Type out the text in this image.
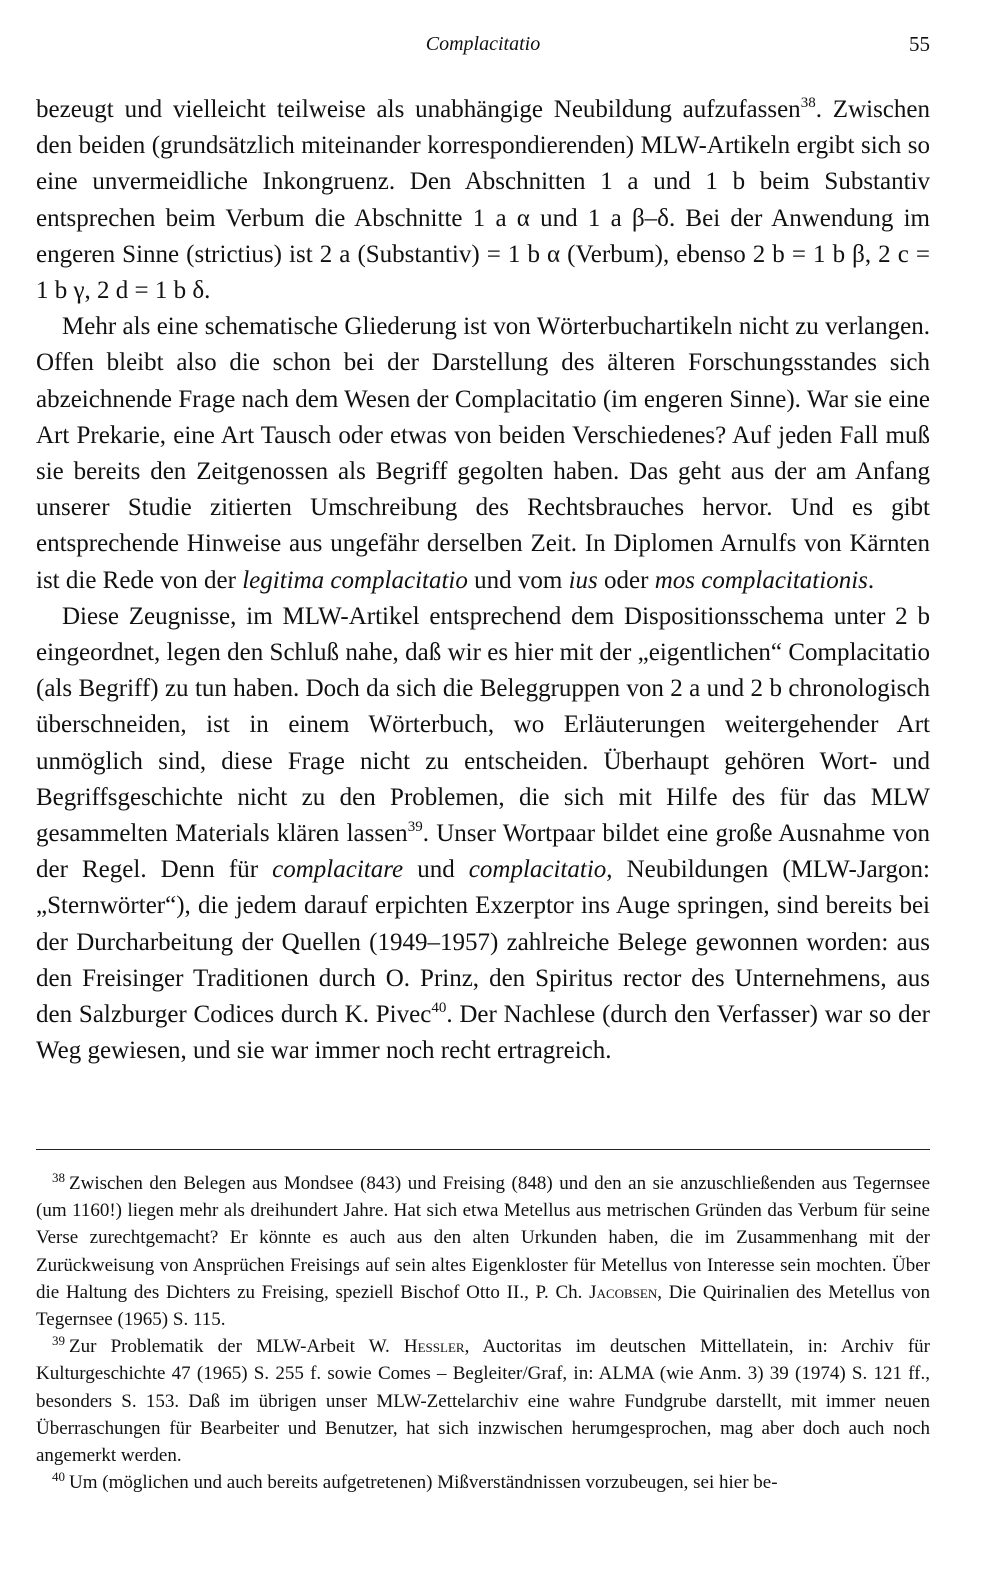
Complacitatio	55

bezeugt und vielleicht teilweise als unabhängige Neubildung aufzufassen$^{38}$. Zwischen den beiden (grundsätzlich miteinander korrespondierenden) MLW-Artikeln ergibt sich so eine unvermeidliche Inkongruenz. Den Abschnitten 1 a und 1 b beim Substantiv entsprechen beim Verbum die Abschnitte 1 a α und 1 a β–δ. Bei der Anwendung im engeren Sinne (strictius) ist 2 a (Substantiv) = 1 b α (Verbum), ebenso 2 b = 1 b β, 2 c = 1 b γ, 2 d = 1 b δ.

Mehr als eine schematische Gliederung ist von Wörterbuchartikeln nicht zu verlangen. Offen bleibt also die schon bei der Darstellung des älteren Forschungsstandes sich abzeichnende Frage nach dem Wesen der Complacitatio (im engeren Sinne). War sie eine Art Prekarie, eine Art Tausch oder etwas von beiden Verschiedenes? Auf jeden Fall muß sie bereits den Zeitgenossen als Begriff gegolten haben. Das geht aus der am Anfang unserer Studie zitierten Umschreibung des Rechtsbrauches hervor. Und es gibt entsprechende Hinweise aus ungefähr derselben Zeit. In Diplomen Arnulfs von Kärnten ist die Rede von der legitima complacitatio und vom ius oder mos complacitationis.

Diese Zeugnisse, im MLW-Artikel entsprechend dem Dispositionsschema unter 2 b eingeordnet, legen den Schluß nahe, daß wir es hier mit der „eigentlichen“ Complacitatio (als Begriff) zu tun haben. Doch da sich die Beleggruppen von 2 a und 2 b chronologisch überschneiden, ist in einem Wörterbuch, wo Erläuterungen weitergehender Art unmöglich sind, diese Frage nicht zu entscheiden. Überhaupt gehören Wort- und Begriffsgeschichte nicht zu den Problemen, die sich mit Hilfe des für das MLW gesammelten Materials klären lassen$^{39}$. Unser Wortpaar bildet eine große Ausnahme von der Regel. Denn für complacitare und complacitatio, Neubildungen (MLW-Jargon: „Sternwörter“), die jedem darauf erpichten Exzerptor ins Auge springen, sind bereits bei der Durcharbeitung der Quellen (1949–1957) zahlreiche Belege gewonnen worden: aus den Freisinger Traditionen durch O. Prinz, den Spiritus rector des Unternehmens, aus den Salzburger Codices durch K. Pivec$^{40}$. Der Nachlese (durch den Verfasser) war so der Weg gewiesen, und sie war immer noch recht ertragreich.

$^{38}$ Zwischen den Belegen aus Mondsee (843) und Freising (848) und den an sie anzuschließenden aus Tegernsee (um 1160!) liegen mehr als dreihundert Jahre. Hat sich etwa Metellus aus metrischen Gründen das Verbum für seine Verse zurechtgemacht? Er könnte es auch aus den alten Urkunden haben, die im Zusammenhang mit der Zurückweisung von Ansprüchen Freisings auf sein altes Eigenkloster für Metellus von Interesse sein mochten. Über die Haltung des Dichters zu Freising, speziell Bischof Otto II., P. Ch. Jacobsen, Die Quirinalien des Metellus von Tegernsee (1965) S. 115.

$^{39}$ Zur Problematik der MLW-Arbeit W. Hessler, Auctoritas im deutschen Mittellatein, in: Archiv für Kulturgeschichte 47 (1965) S. 255 f. sowie Comes – Begleiter/Graf, in: ALMA (wie Anm. 3) 39 (1974) S. 121 ff., besonders S. 153. Daß im übrigen unser MLW-Zettelarchiv eine wahre Fundgrube darstellt, mit immer neuen Überraschungen für Bearbeiter und Benutzer, hat sich inzwischen herumgesprochen, mag aber doch auch noch angemerkt werden.

$^{40}$ Um (möglichen und auch bereits aufgetretenen) Mißverständnissen vorzubeugen, sei hier be-
